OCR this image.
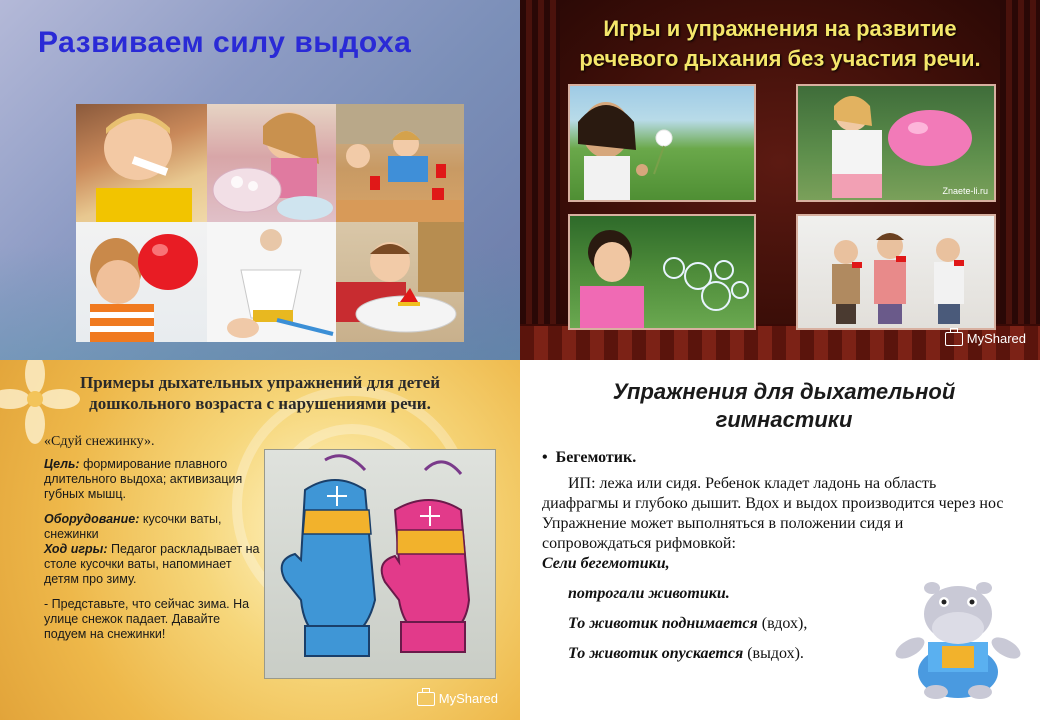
Развиваем силу выдоха	Игры и упражнения на развитие
речевого дыхания без участия речи.
Znaete-li.ru
MyShared
Примеры дыхательных упражнений для детей
дошкольного возраста с нарушениями речи.
«Сдуй снежинку».

Цель: формирование плавного длительного выдоха; активизация губных мышц.

Оборудование: кусочки ваты, снежинки

Ход игры: Педагог раскладывает на столе кусочки ваты, напоминает детям про зиму.

- Представьте, что сейчас зима. На улице снежок падает. Давайте подуем на снежинки!

MyShared
Упражнения для дыхательной
гимнастики
•  Бегемотик.

ИП: лежа или сидя. Ребенок кладет ладонь на область диафрагмы и глубоко дышит. Вдох и выдох производится через нос

Упражнение может выполняться в положении сидя и сопровождаться рифмовкой:

Сели бегемотики,

потрогали животики.

То животик поднимается (вдох),

То животик опускается (выдох).
